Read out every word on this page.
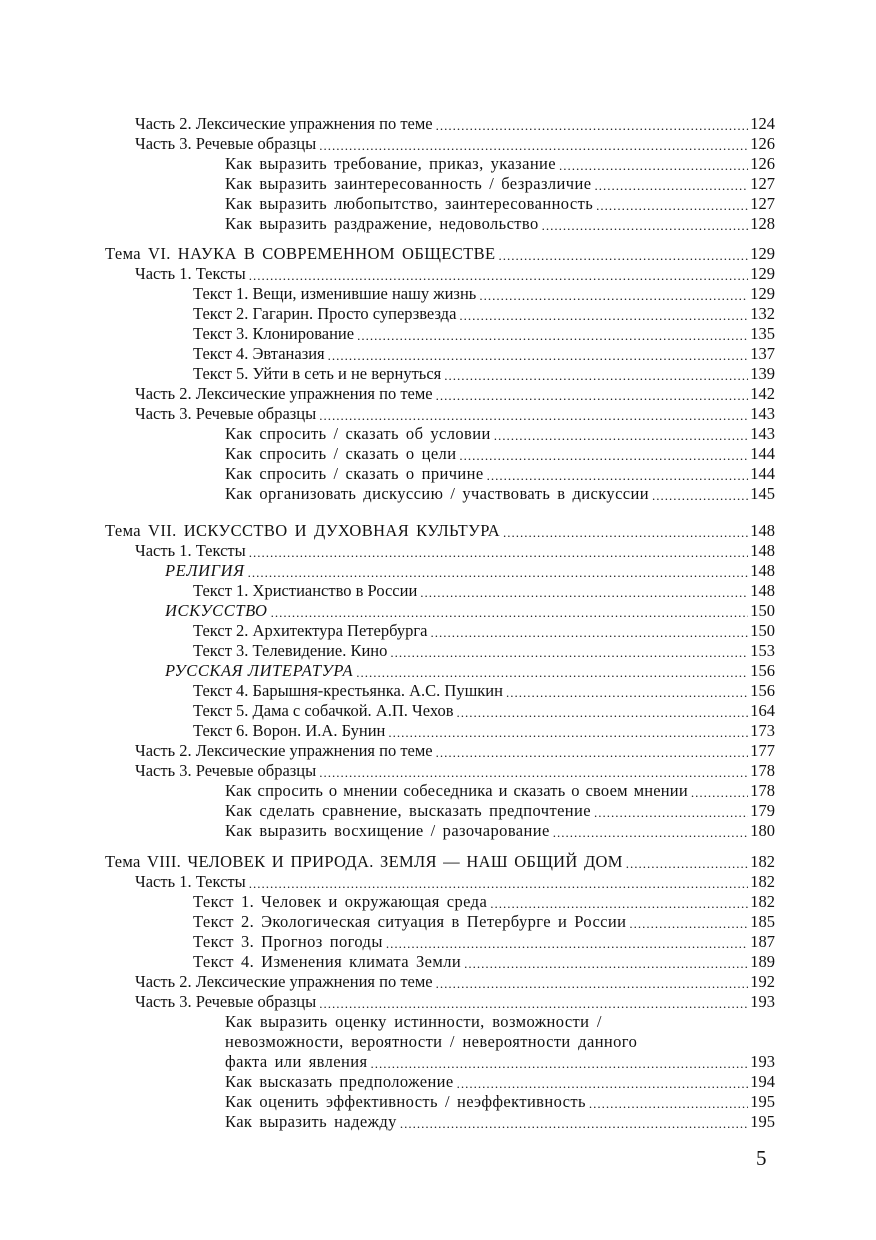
Часть 2. Лексические упражнения по теме .....	124
Часть 3. Речевые образцы .....	126
Как выразить требование, приказ, указание .....	126
Как выразить заинтересованность / безразличие .....	127
Как выразить любопытство, заинтересованность .....	127
Как выразить раздражение, недовольство .....	128
Тема VI. НАУКА В СОВРЕМЕННОМ ОБЩЕСТВЕ .....	129
Часть 1. Тексты .....	129
Текст 1. Вещи, изменившие нашу жизнь .....	129
Текст 2. Гагарин. Просто суперзвезда .....	132
Текст 3. Клонирование .....	135
Текст 4. Эвтаназия .....	137
Текст 5. Уйти в сеть и не вернуться .....	139
Часть 2. Лексические упражнения по теме .....	142
Часть 3. Речевые образцы .....	143
Как спросить / сказать об условии .....	143
Как спросить / сказать о цели .....	144
Как спросить / сказать о причине .....	144
Как организовать дискуссию / участвовать в дискуссии .....	145
Тема VII. ИСКУССТВО И ДУХОВНАЯ КУЛЬТУРА .....	148
Часть 1. Тексты .....	148
РЕЛИГИЯ .....	148
Текст 1. Христианство в России .....	148
ИСКУССТВО .....	150
Текст 2. Архитектура Петербурга .....	150
Текст 3. Телевидение. Кино .....	153
РУССКАЯ ЛИТЕРАТУРА .....	156
Текст 4. Барышня-крестьянка. А.С. Пушкин .....	156
Текст 5. Дама с собачкой. А.П. Чехов .....	164
Текст 6. Ворон. И.А. Бунин .....	173
Часть 2. Лексические упражнения по теме .....	177
Часть 3. Речевые образцы .....	178
Как спросить о мнении собеседника и сказать о своем мнении .....	178
Как сделать сравнение, высказать предпочтение .....	179
Как выразить восхищение / разочарование .....	180
Тема VIII. ЧЕЛОВЕК И ПРИРОДА. ЗЕМЛЯ — НАШ ОБЩИЙ ДОМ .....	182
Часть 1. Тексты .....	182
Текст 1. Человек и окружающая среда .....	182
Текст 2. Экологическая ситуация в Петербурге и России .....	185
Текст 3. Прогноз погоды .....	187
Текст 4. Изменения климата Земли .....	189
Часть 2. Лексические упражнения по теме .....	192
Часть 3. Речевые образцы .....	193
Как выразить оценку истинности, возможности /
невозможности, вероятности / невероятности данного
факта или явления .....	193
Как высказать предположение .....	194
Как оценить эффективность / неэффективность .....	195
Как выразить надежду .....	195
5
